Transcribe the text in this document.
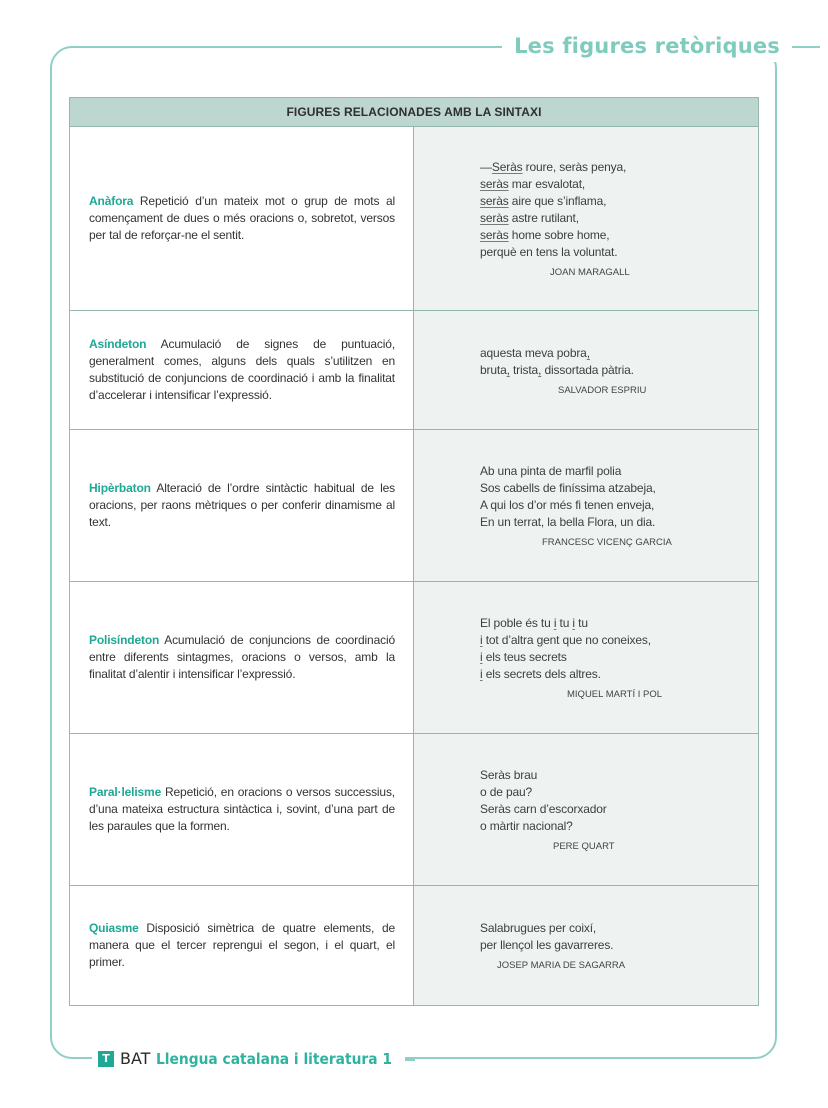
Les figures retòriques
FIGURES RELACIONADES AMB LA SINTAXI
Anàfora Repetició d’un mateix mot o grup de mots al començament de dues o més oracions o, sobretot, versos per tal de reforçar-ne el sentit.
—Seràs roure, seràs penya,
seràs mar esvalotat,
seràs aire que s’inflama,
seràs astre rutilant,
seràs home sobre home,
perquè en tens la voluntat.
JOAN MARAGALL
Asíndeton Acumulació de signes de puntuació, generalment comes, alguns dels quals s’utilitzen en substitució de conjuncions de coordinació i amb la finalitat d’accelerar i intensificar l’expressió.
aquesta meva pobra,
bruta, trista, dissortada pàtria.
SALVADOR ESPRIU
Hipèrbaton Alteració de l’ordre sintàctic habitual de les oracions, per raons mètriques o per conferir dinamisme al text.
Ab una pinta de marfil polia
Sos cabells de finíssima atzabeja,
A qui los d’or més fi tenen enveja,
En un terrat, la bella Flora, un dia.
FRANCESC VICENÇ GARCIA
Polisíndeton Acumulació de conjuncions de coordinació entre diferents sintagmes, oracions o versos, amb la finalitat d’alentir i intensificar l’expressió.
El poble és tu i tu i tu
i tot d’altra gent que no coneixes,
i els teus secrets
i els secrets dels altres.
MIQUEL MARTÍ I POL
Paral·lelisme Repetició, en oracions o versos successius, d’una mateixa estructura sintàctica i, sovint, d’una part de les paraules que la formen.
Seràs brau
o de pau?
Seràs carn d’escorxador
o màrtir nacional?
PERE QUART
Quiasme Disposició simètrica de quatre elements, de manera que el tercer reprengui el segon, i el quart, el primer.
Salabrugues per coixí,
per llençol les gavarreres.
JOSEP MARIA DE SAGARRA
T BAT Llengua catalana i literatura 1
